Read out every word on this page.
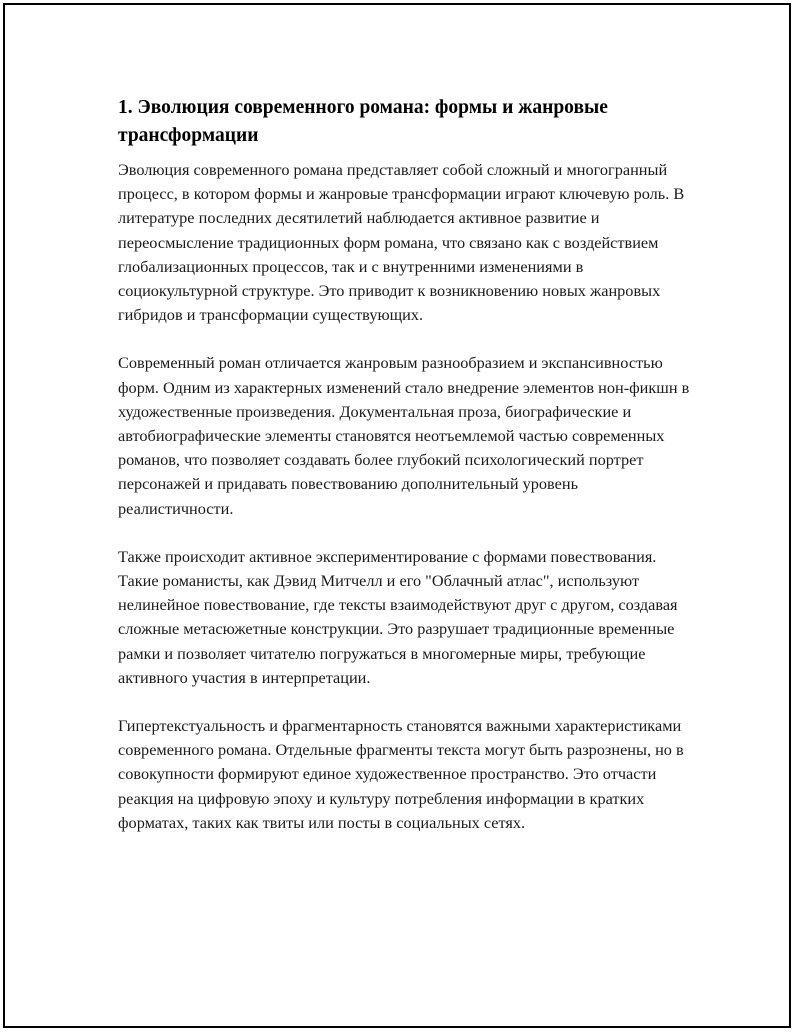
1. Эволюция современного романа: формы и жанровые трансформации

Эволюция современного романа представляет собой сложный и многогранный процесс, в котором формы и жанровые трансформации играют ключевую роль. В литературе последних десятилетий наблюдается активное развитие и переосмысление традиционных форм романа, что связано как с воздействием глобализационных процессов, так и с внутренними изменениями в социокультурной структуре. Это приводит к возникновению новых жанровых гибридов и трансформации существующих.

Современный роман отличается жанровым разнообразием и экспансивностью форм. Одним из характерных изменений стало внедрение элементов нон-фикшн в художественные произведения. Документальная проза, биографические и автобиографические элементы становятся неотъемлемой частью современных романов, что позволяет создавать более глубокий психологический портрет персонажей и придавать повествованию дополнительный уровень реалистичности.

Также происходит активное экспериментирование с формами повествования. Такие романисты, как Дэвид Митчелл и его "Облачный атлас", используют нелинейное повествование, где тексты взаимодействуют друг с другом, создавая сложные метасюжетные конструкции. Это разрушает традиционные временные рамки и позволяет читателю погружаться в многомерные миры, требующие активного участия в интерпретации.

Гипертекстуальность и фрагментарность становятся важными характеристиками современного романа. Отдельные фрагменты текста могут быть разрознены, но в совокупности формируют единое художественное пространство. Это отчасти реакция на цифровую эпоху и культуру потребления информации в кратких форматах, таких как твиты или посты в социальных сетях.
